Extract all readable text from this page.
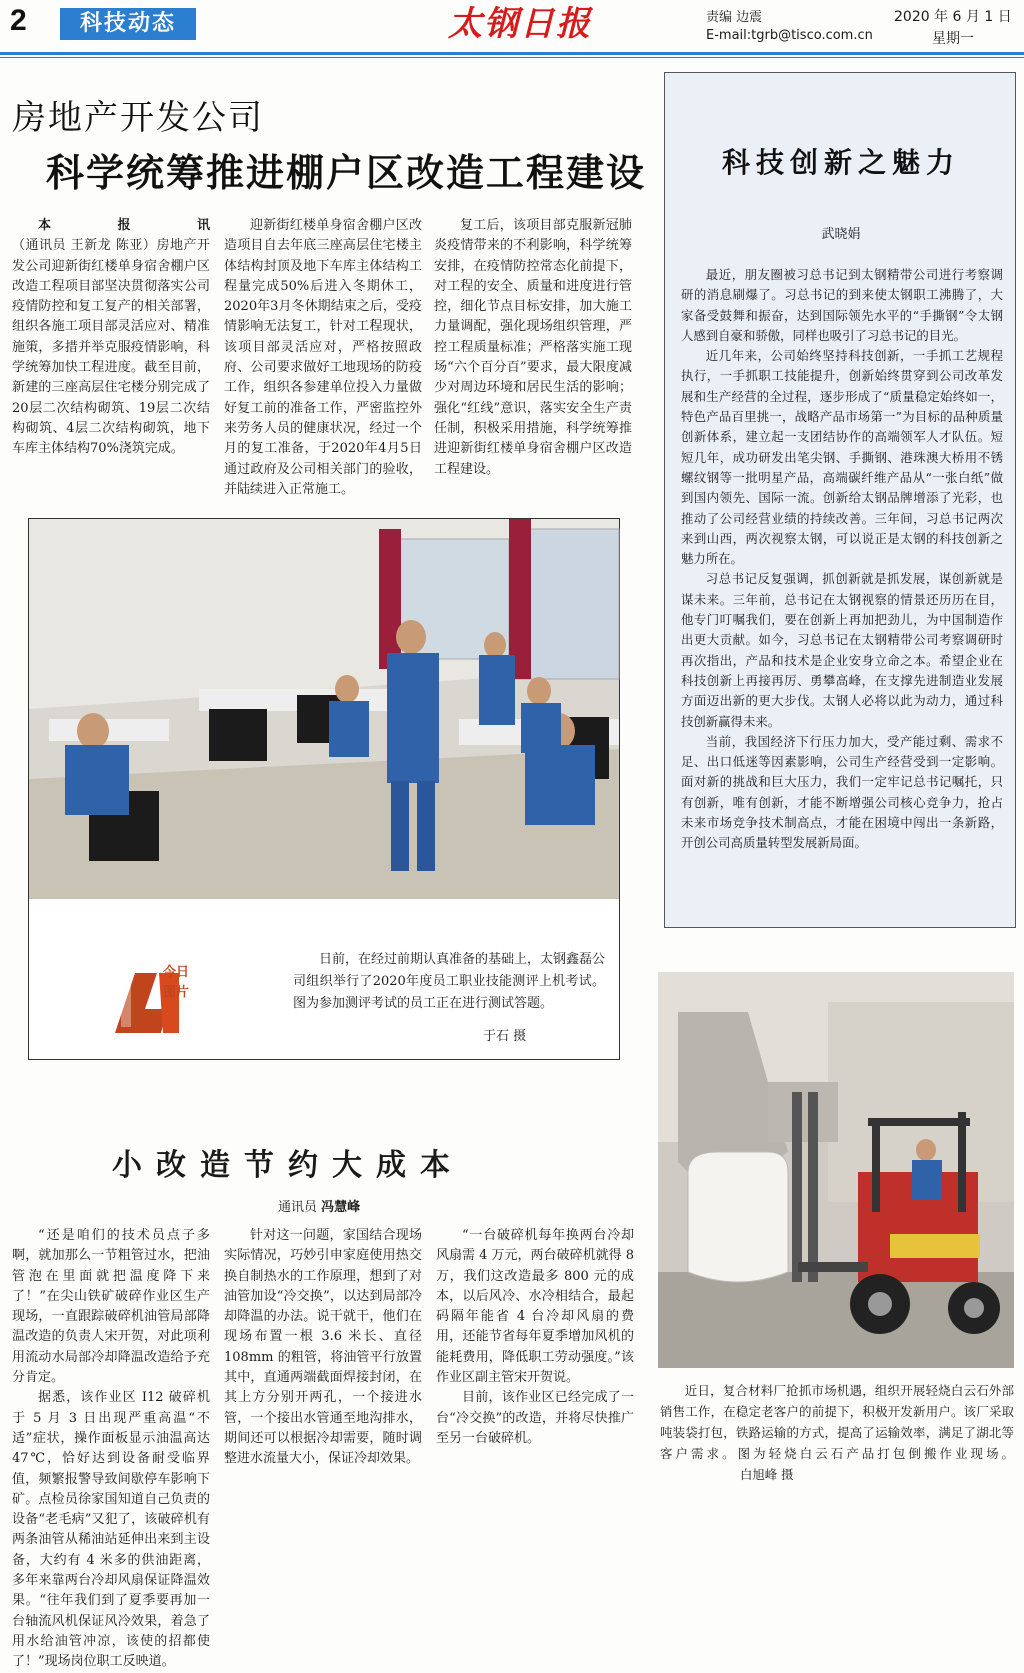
2	科技动态	太钢日报	责编 边震
E-mail:tgrb@tisco.com.cn
2020 年 6 月 1 日
星期一
房地产开发公司
科学统筹推进棚户区改造工程建设

本报讯（通讯员 王新龙 陈亚）房地产开发公司迎新街红楼单身宿舍棚户区改造工程项目部坚决贯彻落实公司疫情防控和复工复产的相关部署，组织各施工项目部灵活应对、精准施策，多措并举克服疫情影响，科学统筹加快工程进度。截至目前，新建的三座高层住宅楼分别完成了20层二次结构砌筑、19层二次结构砌筑、4层二次结构砌筑，地下车库主体结构70%浇筑完成。

迎新街红楼单身宿舍棚户区改造项目自去年底三座高层住宅楼主体结构封顶及地下车库主体结构工程量完成50%后进入冬期休工，2020年3月冬休期结束之后，受疫情影响无法复工，针对工程现状，该项目部灵活应对，严格按照政府、公司要求做好工地现场的防疫工作，组织各参建单位投入力量做好复工前的准备工作，严密监控外来劳务人员的健康状况，经过一个月的复工准备，于2020年4月5日通过政府及公司相关部门的验收，并陆续进入正常施工。

复工后，该项目部克服新冠肺炎疫情带来的不利影响，科学统筹安排，在疫情防控常态化前提下，对工程的安全、质量和进度进行管控，细化节点目标安排，加大施工力量调配，强化现场组织管理，严控工程质量标准；严格落实施工现场“六个百分百”要求，最大限度减少对周边环境和居民生活的影响；强化“红线”意识，落实安全生产责任制，积极采用措施，科学统筹推进迎新街红楼单身宿舍棚户区改造工程建设。

今日图片

日前，在经过前期认真准备的基础上，太钢鑫磊公司组织举行了2020年度员工职业技能测评上机考试。图为参加测评考试的员工正在进行测试答题。

于石 摄
科技创新之魅力
武晓娟

最近，朋友圈被习总书记到太钢精带公司进行考察调研的消息刷爆了。习总书记的到来使太钢职工沸腾了，大家备受鼓舞和振奋，达到国际领先水平的“手撕钢”令太钢人感到自豪和骄傲，同样也吸引了习总书记的目光。

近几年来，公司始终坚持科技创新，一手抓工艺规程执行，一手抓职工技能提升，创新始终贯穿到公司改革发展和生产经营的全过程，逐步形成了“质量稳定始终如一，特色产品百里挑一，战略产品市场第一”为目标的品种质量创新体系，建立起一支团结协作的高端领军人才队伍。短短几年，成功研发出笔尖钢、手撕钢、港珠澳大桥用不锈螺纹钢等一批明星产品，高端碳纤维产品从“一张白纸”做到国内领先、国际一流。创新给太钢品牌增添了光彩，也推动了公司经营业绩的持续改善。三年间，习总书记两次来到山西，两次视察太钢，可以说正是太钢的科技创新之魅力所在。

习总书记反复强调，抓创新就是抓发展，谋创新就是谋未来。三年前，总书记在太钢视察的情景还历历在目，他专门叮嘱我们，要在创新上再加把劲儿，为中国制造作出更大贡献。如今，习总书记在太钢精带公司考察调研时再次指出，产品和技术是企业安身立命之本。希望企业在科技创新上再接再厉、勇攀高峰，在支撑先进制造业发展方面迈出新的更大步伐。太钢人必将以此为动力，通过科技创新赢得未来。

当前，我国经济下行压力加大，受产能过剩、需求不足、出口低迷等因素影响，公司生产经营受到一定影响。面对新的挑战和巨大压力，我们一定牢记总书记嘱托，只有创新，唯有创新，才能不断增强公司核心竞争力，抢占未来市场竞争技术制高点，才能在困境中闯出一条新路，开创公司高质量转型发展新局面。

近日，复合材料厂抢抓市场机遇，组织开展轻烧白云石外部销售工作，在稳定老客户的前提下，积极开发新用户。该厂采取吨装袋打包，铁路运输的方式，提高了运输效率，满足了湖北等客户需求。图为轻烧白云石产品打包倒搬作业现场。白旭峰 摄

小改造节约大成本
通讯员 冯慧峰

“还是咱们的技术员点子多啊，就加那么一节粗管过水，把油管泡在里面就把温度降下来了！”在尖山铁矿破碎作业区生产现场，一直跟踪破碎机油管局部降温改造的负责人宋开贺，对此项利用流动水局部冷却降温改造给予充分肯定。

据悉，该作业区 I12 破碎机于 5 月 3 日出现严重高温“不适”症状，操作面板显示油温高达 47℃，恰好达到设备耐受临界值，频繁报警导致间歇停车影响下矿。点检员徐家国知道自己负责的设备“老毛病”又犯了，该破碎机有两条油管从稀油站延伸出来到主设备，大约有 4 米多的供油距离，多年来靠两台冷却风扇保证降温效果。“往年我们到了夏季要再加一台轴流风机保证风冷效果，着急了用水给油管冲凉，该使的招都使了！”现场岗位职工反映道。

针对这一问题，家国结合现场实际情况，巧妙引申家庭使用热交换自制热水的工作原理，想到了对油管加设“冷交换”，以达到局部冷却降温的办法。说干就干，他们在现场布置一根 3.6 米长、直径 108mm 的粗管，将油管平行放置其中，直通两端截面焊接封闭，在其上方分别开两孔，一个接进水管，一个接出水管通至地沟排水，期间还可以根据冷却需要，随时调整进水流量大小，保证冷却效果。

“一台破碎机每年换两台冷却风扇需 4 万元，两台破碎机就得 8 万，我们这改造最多 800 元的成本，以后风冷、水冷相结合，最起码隔年能省 4 台冷却风扇的费用，还能节省每年夏季增加风机的能耗费用，降低职工劳动强度。”该作业区副主管宋开贺说。

目前，该作业区已经完成了一台“冷交换”的改造，并将尽快推广至另一台破碎机。
